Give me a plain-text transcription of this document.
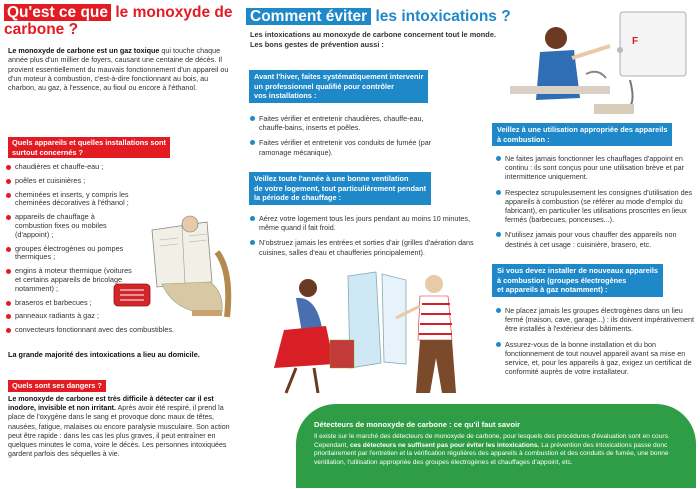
Qu'est ce que le monoxyde de carbone ?

Le monoxyde de carbone est un gaz toxique qui touche chaque année plus d'un millier de foyers, causant une centaine de décès. Il provient essentiellement du mauvais fonctionnement d'un appareil ou d'un moteur à combustion, c'est-à-dire fonctionnant au bois, au charbon, au gaz, à l'essence, au fioul ou encore à l'éthanol.

Quels appareils et quelles installations sont
surtout concernés ?
chaudières et chauffe-eau ;
poêles et cuisinières ;
cheminées et inserts, y compris les cheminées décoratives à l'éthanol ;
appareils de chauffage à combustion fixes ou mobiles (d'appoint) ;
groupes électrogènes ou pompes thermiques ;
engins à moteur thermique (voitures et certains appareils de bricolage notamment) ;
braseros et barbecues ;
panneaux radiants à gaz ;
convecteurs fonctionnant avec des combustibles.

La grande majorité des intoxications a lieu au domicile.

Quels sont ses dangers ?

Le monoxyde de carbone est très difficile à détecter car il est inodore, invisible et non irritant. Après avoir été respiré, il prend la place de l'oxygène dans le sang et provoque donc maux de têtes, nausées, fatigue, malaises ou encore paralysie musculaire. Son action peut être rapide : dans les cas les plus graves, il peut entraîner en quelques minutes le coma, voire le décès. Les personnes intoxiquées gardent parfois des séquelles à vie.

Comment éviter les intoxications ?
Les intoxications au monoxyde de carbone concernent tout le monde.
Les bons gestes de prévention aussi :
Avant l'hiver, faites systématiquement intervenir
un professionnel qualifié pour contrôler
vos installations :
Faites vérifier et entretenir chaudières, chauffe-eau, chauffe-bains, inserts et poêles.
Faites vérifier et entretenir vos conduits de fumée (par ramonage mécanique).
Veillez toute l'année à une bonne ventilation
de votre logement, tout particulièrement pendant
la période de chauffage :
Aérez votre logement tous les jours pendant au moins 10 minutes, même quand il fait froid.
N'obstruez jamais les entrées et sorties d'air (grilles d'aération dans cuisines, salles d'eau et chaufferies principalement).
F
Veillez à une utilisation appropriée des appareils
à combustion :
Ne faites jamais fonctionner les chauffages d'appoint en continu : ils sont conçus pour une utilisation brève et par intermittence uniquement.
Respectez scrupuleusement les consignes d'utilisation des appareils à combustion (se référer au mode d'emploi du fabricant), en particulier les utilisations proscrites en lieux fermés (barbecues, ponceuses...).
N'utilisez jamais pour vous chauffer des appareils non destinés à cet usage : cuisinière, brasero, etc.
Si vous devez installer de nouveaux appareils
à combustion (groupes électrogènes
et appareils à gaz notamment) :
Ne placez jamais les groupes électrogènes dans un lieu fermé (maison, cave, garage...) : ils doivent impérativement être installés à l'extérieur des bâtiments.
Assurez-vous de la bonne installation et du bon fonctionnement de tout nouvel appareil avant sa mise en service, et, pour les appareils à gaz, exigez un certificat de conformité auprès de votre installateur.
Détecteurs de monoxyde de carbone : ce qu'il faut savoir

Il existe sur le marché des détecteurs de monoxyde de carbone, pour lesquels des procédures d'évaluation sont en cours. Cependant, ces détecteurs ne suffisent pas pour éviter les intoxications. La prévention des intoxications passe donc prioritairement par l'entretien et la vérification régulières des appareils à combustion et des conduits de fumée, une bonne ventilation, l'utilisation appropriée des groupes électrogènes et chauffages d'appoint, etc.
